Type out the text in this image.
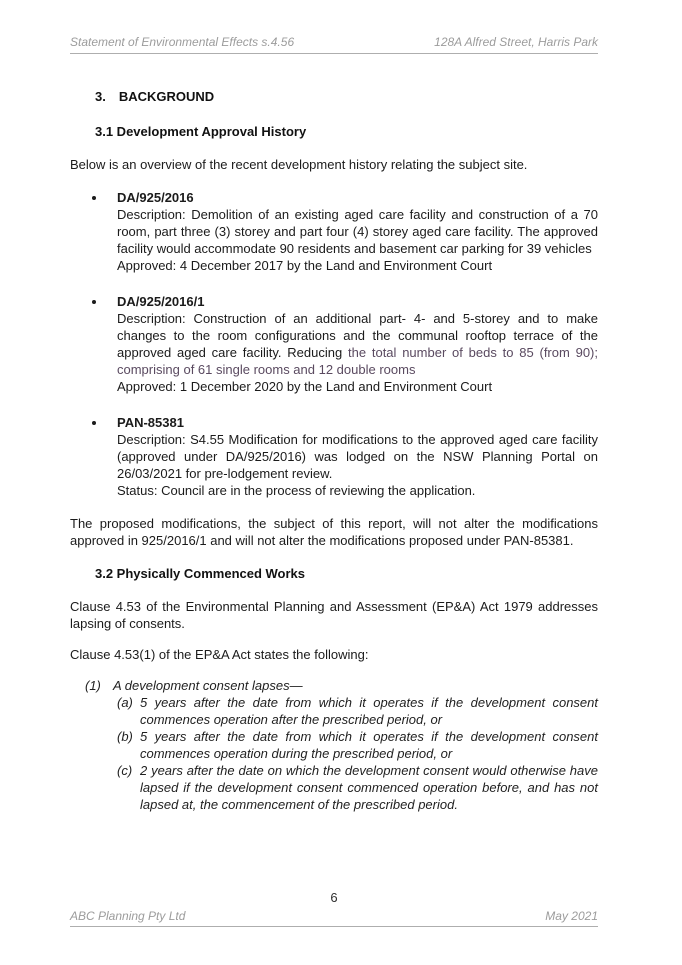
Statement of Environmental Effects s.4.56	128A Alfred Street, Harris Park
3. BACKGROUND
3.1 Development Approval History

Below is an overview of the recent development history relating the subject site.

DA/925/2016
Description: Demolition of an existing aged care facility and construction of a 70 room, part three (3) storey and part four (4) storey aged care facility. The approved facility would accommodate 90 residents and basement car parking for 39 vehicles
Approved: 4 December 2017 by the Land and Environment Court
DA/925/2016/1
Description: Construction of an additional part- 4- and 5-storey and to make changes to the room configurations and the communal rooftop terrace of the approved aged care facility. Reducing the total number of beds to 85 (from 90); comprising of 61 single rooms and 12 double rooms
Approved: 1 December 2020 by the Land and Environment Court
PAN-85381
Description: S4.55 Modification for modifications to the approved aged care facility (approved under DA/925/2016) was lodged on the NSW Planning Portal on 26/03/2021 for pre-lodgement review.
Status: Council are in the process of reviewing the application.

The proposed modifications, the subject of this report, will not alter the modifications approved in 925/2016/1 and will not alter the modifications proposed under PAN-85381.

3.2 Physically Commenced Works

Clause 4.53 of the Environmental Planning and Assessment (EP&A) Act 1979 addresses lapsing of consents.

Clause 4.53(1) of the EP&A Act states the following:

(1) A development consent lapses—
(a) 5 years after the date from which it operates if the development consent commences operation after the prescribed period, or
(b) 5 years after the date from which it operates if the development consent commences operation during the prescribed period, or
(c) 2 years after the date on which the development consent would otherwise have lapsed if the development consent commenced operation before, and has not lapsed at, the commencement of the prescribed period.
6
ABC Planning Pty Ltd	May 2021
